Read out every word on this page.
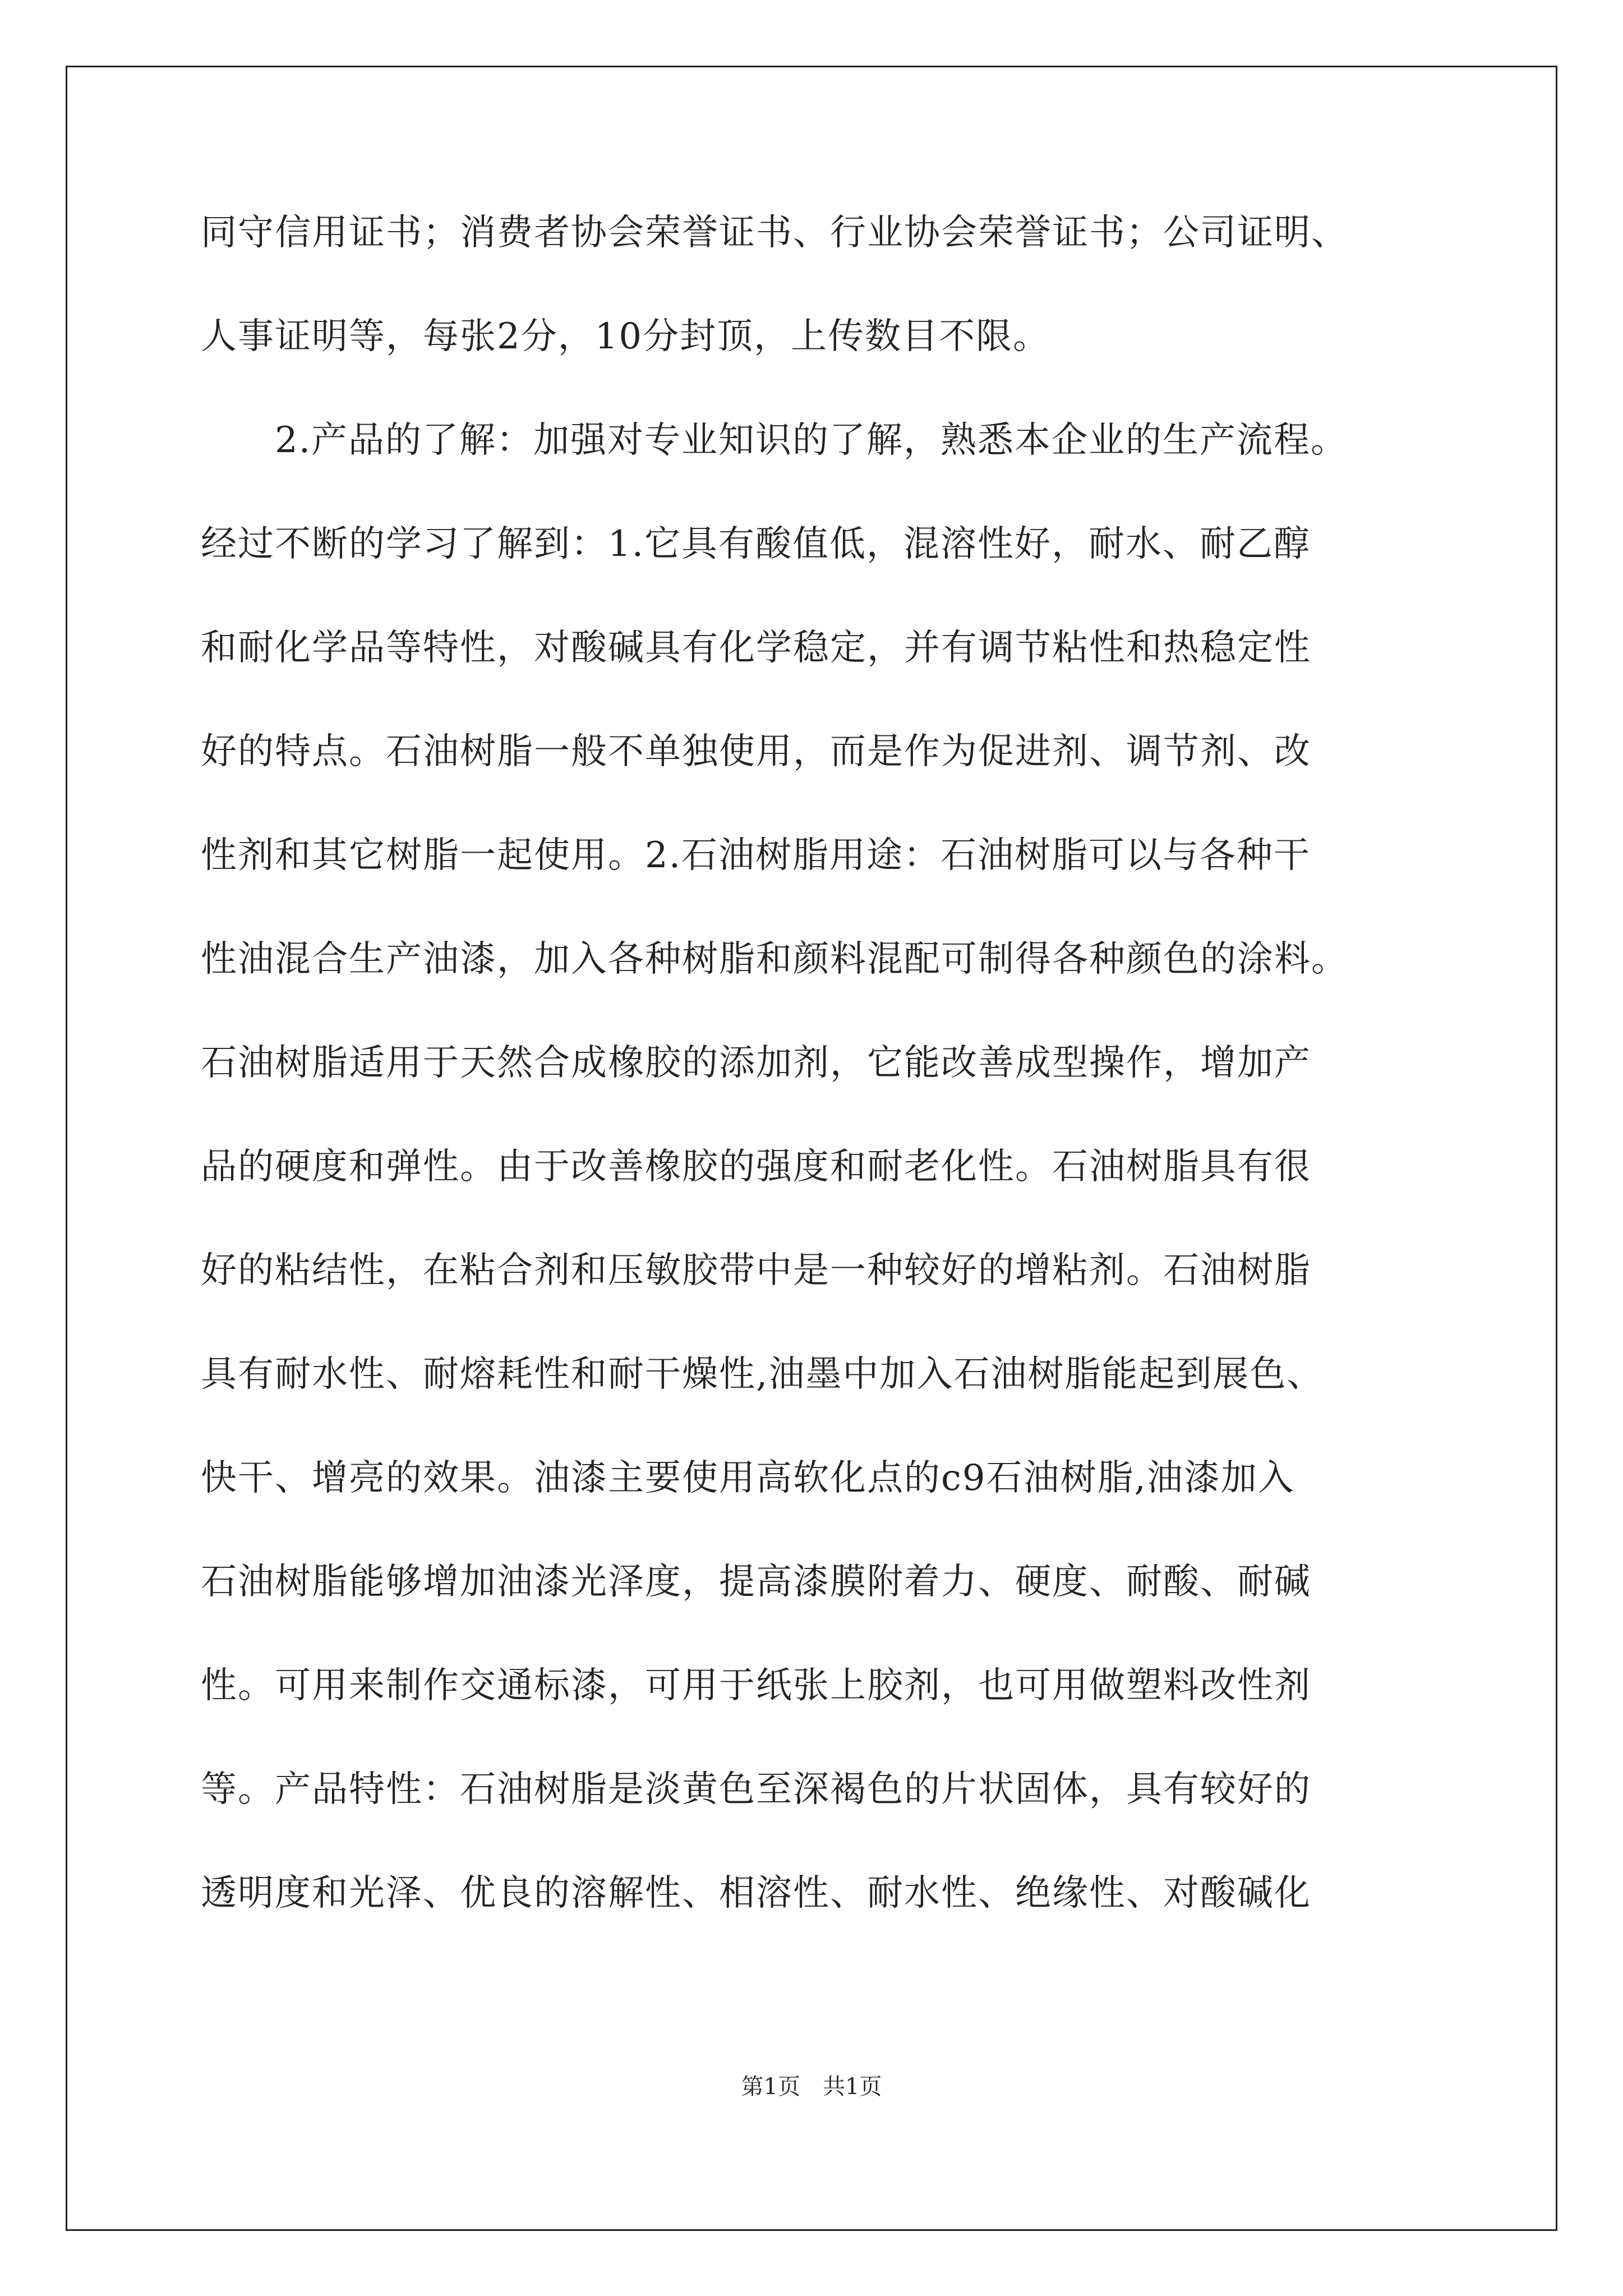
同守信用证书；消费者协会荣誉证书、行业协会荣誉证书；公司证明、
人事证明等，每张2分，10分封顶，上传数目不限。
　　2.产品的了解：加强对专业知识的了解，熟悉本企业的生产流程。
经过不断的学习了解到：1.它具有酸值低，混溶性好，耐水、耐乙醇
和耐化学品等特性，对酸碱具有化学稳定，并有调节粘性和热稳定性
好的特点。石油树脂一般不单独使用，而是作为促进剂、调节剂、改
性剂和其它树脂一起使用。2.石油树脂用途：石油树脂可以与各种干
性油混合生产油漆，加入各种树脂和颜料混配可制得各种颜色的涂料。
石油树脂适用于天然合成橡胶的添加剂，它能改善成型操作，增加产
品的硬度和弹性。由于改善橡胶的强度和耐老化性。石油树脂具有很
好的粘结性，在粘合剂和压敏胶带中是一种较好的增粘剂。石油树脂
具有耐水性、耐熔耗性和耐干燥性,油墨中加入石油树脂能起到展色、
快干、增亮的效果。油漆主要使用高软化点的c9石油树脂,油漆加入
石油树脂能够增加油漆光泽度，提高漆膜附着力、硬度、耐酸、耐碱
性。可用来制作交通标漆，可用于纸张上胶剂，也可用做塑料改性剂
等。产品特性：石油树脂是淡黄色至深褐色的片状固体，具有较好的
透明度和光泽、优良的溶解性、相溶性、耐水性、绝缘性、对酸碱化
第1页　共1页
